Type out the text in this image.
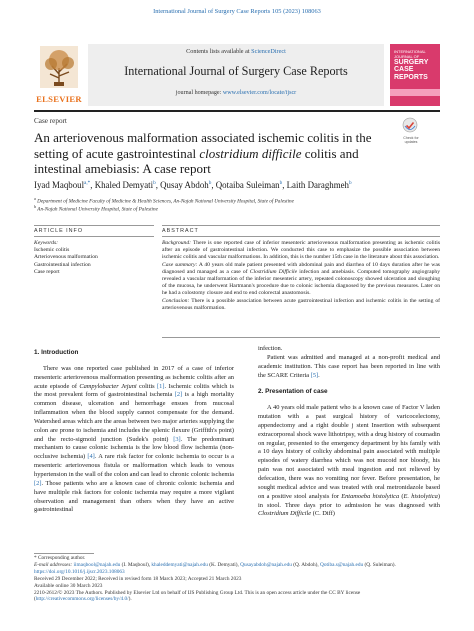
International Journal of Surgery Case Reports 105 (2023) 108063
ELSEVIER
Contents lists available at ScienceDirect
International Journal of Surgery Case Reports
journal homepage: www.elsevier.com/locate/ijscr
INTERNATIONAL JOURNAL OF
SURGERY CASE REPORTS
Case report
Check for updates
An arteriovenous malformation associated ischemic colitis in the setting of acute gastrointestinal clostridium difficile colitis and intestinal amebiasis: A case report
Iyad Maqboul$^{a,*}$, Khaled Demyati$^b$, Qusay Abdoh$^b$, Qotaiba Suleiman$^b$, Laith Daraghmeh$^b$
$^a$ Department of Medicine Faculty of Medicine & Health Sciences, An-Najah National University Hospital, State of Palestine
$^b$ An-Najah National University Hospital, State of Palestine
ARTICLE INFO	ABSTRACT
Keywords:
Ischemic colitis
Arteriovenous malformation
Gastrointestinal infection
Case report

Background: There is one reported case of inferior mesenteric arteriovenous malformation presenting as ischemic colitis after an episode of gastrointestinal infection. We conducted this case to emphasize the possible association between ischemic colitis and vascular malformations. In addition, this is the number 15th case in the literature about this association.

Case summary: A 40 years old male patient presented with abdominal pain and diarrhea of 10 days duration after he was diagnosed and managed as a case of Clostridium Difficile infection and amebiasis. Computed tomography angiography revealed a vascular malformation of the inferior mesenteric artery, repeated colonoscopy showed ulceration and sloughing of the mucosa, he underwent Hartmann's procedure due to colonic ischemia diagnosed by the previous measures. Later on he had a colostomy closure and end to end colorectal anastomosis.

Conclusion: There is a possible association between acute gastrointestinal infection and ischemic colitis in the setting of arteriovenous malformation.

1. Introduction

There was one reported case published in 2017 of a case of inferior mesenteric arteriovenous malformation presenting as ischemic colitis after an acute episode of Campylobacter Jejuni colitis [1]. Ischemic colitis which is the most prevalent form of gastrointestinal ischemia [2] is a high mortality common disease, ulceration and hemorrhage ensues from mucosal inflammation when the blood supply cannot compensate for the demand. Watershed areas which are the areas between two major arteries supplying the colon are prone to ischemia and includes the splenic flexure (Griffith's point) and the recto-sigmoid junction (Sudek's point) [3]. The predominant mechanism to cause colonic ischemia is the low blood flow ischemia (non-occlusive ischemia) [4]. A rare risk factor for colonic ischemia to occur is a mesenteric arteriovenous fistula or malformation which leads to venous hypertension in the wall of the colon and can lead to chronic colonic ischemia [2]. Those patients who are a known case of chronic colonic ischemia and have multiple risk factors for colonic ischemia may require a more vigilant observation and management than others when they have an active gastrointestinal

infection.

Patient was admitted and managed at a non-profit medical and academic institution. This case report has been reported in line with the SCARE Criteria [5].

2. Presentation of case

A 40 years old male patient who is a known case of Factor V laden mutation with a past surgical history of varicocelectomy, appendectomy and a right double j stent Insertion with subsequent extracorporeal shock wave lithotripsy, with a drug history of coumadin on regular, presented to the emergency department by his family with a 10 days history of colicky abdominal pain associated with multiple episodes of watery diarrhea which was not mucoid nor bloody, his pain was not associated with meal ingestion and not relieved by defecation, there was no vomiting nor fever. Before presentation, he sought medical advice and was treated with oral metronidazole based on a positive stool analysis for Entamoeba histolytica (E. histolytica) in stool. Three days prior to admission he was diagnosed with Clostridium Difficile (C. Diff)

* Corresponding author.
E-mail addresses: iimaqbool@najah.edu (I. Maqboul), khaleddemyati@najah.edu (K. Demyati), Qusayabdoh@najah.edu (Q. Abdoh), Qotiba.s@najah.edu (Q. Suleiman).
https://doi.org/10.1016/j.ijscr.2023.108063
Received 29 December 2022; Received in revised form 18 March 2023; Accepted 21 March 2023
Available online 30 March 2023
2210-2612/© 2023 The Authors. Published by Elsevier Ltd on behalf of IJS Publishing Group Ltd. This is an open access article under the CC BY license (http://creativecommons.org/licenses/by/4.0/).
